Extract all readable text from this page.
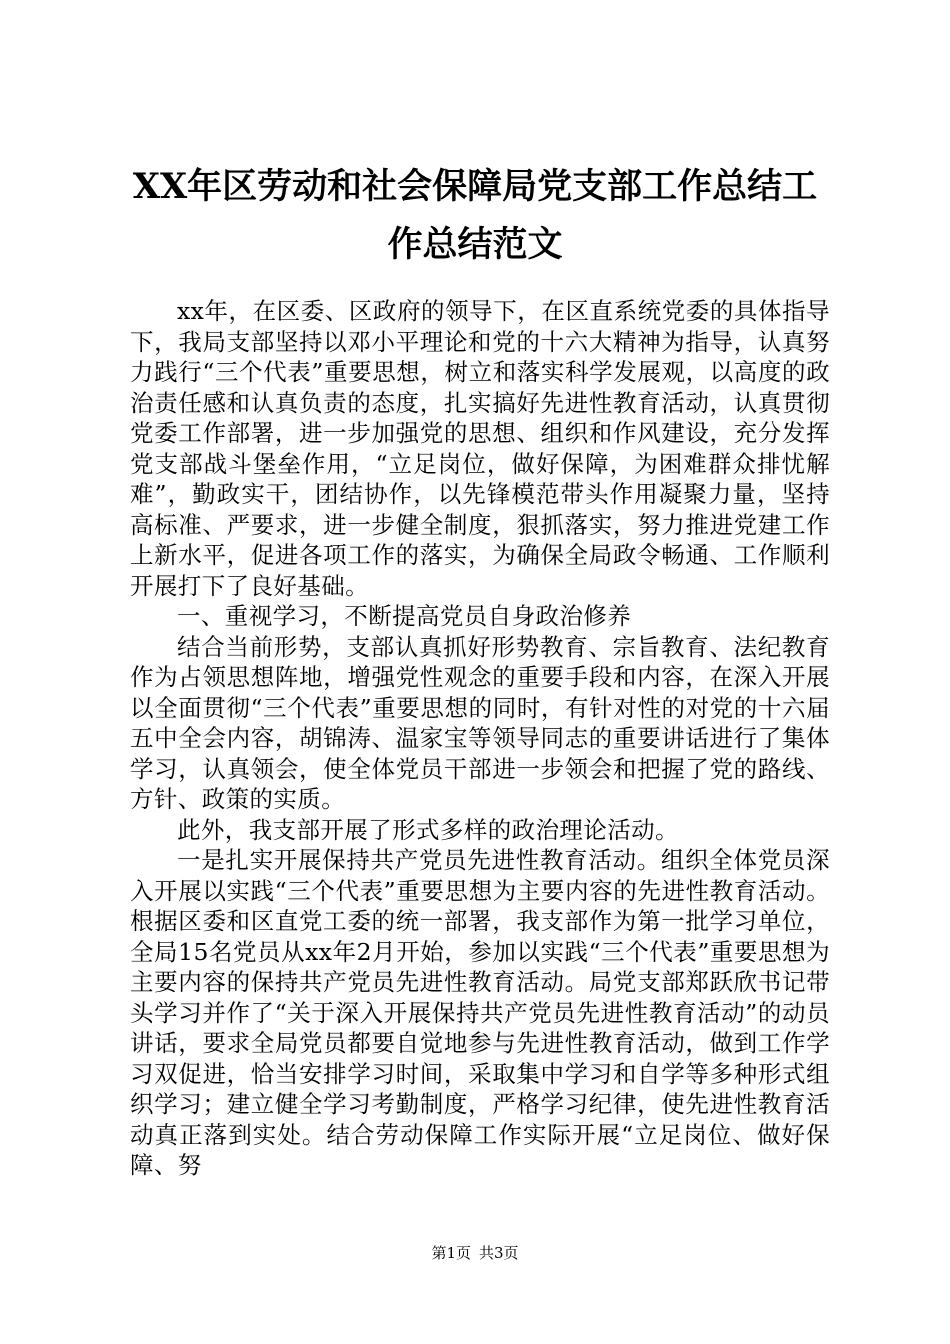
XX年区劳动和社会保障局党支部工作总结工
作总结范文

xx年，在区委、区政府的领导下，在区直系统党委的具体指导下，我局支部坚持以邓小平理论和党的十六大精神为指导，认真努力践行“三个代表”重要思想，树立和落实科学发展观，以高度的政治责任感和认真负责的态度，扎实搞好先进性教育活动，认真贯彻党委工作部署，进一步加强党的思想、组织和作风建设，充分发挥党支部战斗堡垒作用，“立足岗位，做好保障，为困难群众排忧解难”，勤政实干，团结协作，以先锋模范带头作用凝聚力量，坚持高标准、严要求，进一步健全制度，狠抓落实，努力推进党建工作上新水平，促进各项工作的落实，为确保全局政令畅通、工作顺利开展打下了良好基础。

一、重视学习，不断提高党员自身政治修养

结合当前形势，支部认真抓好形势教育、宗旨教育、法纪教育作为占领思想阵地，增强党性观念的重要手段和内容，在深入开展以全面贯彻“三个代表”重要思想的同时，有针对性的对党的十六届五中全会内容，胡锦涛、温家宝等领导同志的重要讲话进行了集体学习，认真领会，使全体党员干部进一步领会和把握了党的路线、方针、政策的实质。

此外，我支部开展了形式多样的政治理论活动。

一是扎实开展保持共产党员先进性教育活动。组织全体党员深入开展以实践“三个代表”重要思想为主要内容的先进性教育活动。根据区委和区直党工委的统一部署，我支部作为第一批学习单位，全局15名党员从xx年2月开始，参加以实践“三个代表”重要思想为主要内容的保持共产党员先进性教育活动。局党支部郑跃欣书记带头学习并作了“关于深入开展保持共产党员先进性教育活动”的动员讲话，要求全局党员都要自觉地参与先进性教育活动，做到工作学习双促进，恰当安排学习时间，采取集中学习和自学等多种形式组织学习；建立健全学习考勤制度，严格学习纪律，使先进性教育活动真正落到实处。结合劳动保障工作实际开展“立足岗位、做好保障、努

第1页 共3页
